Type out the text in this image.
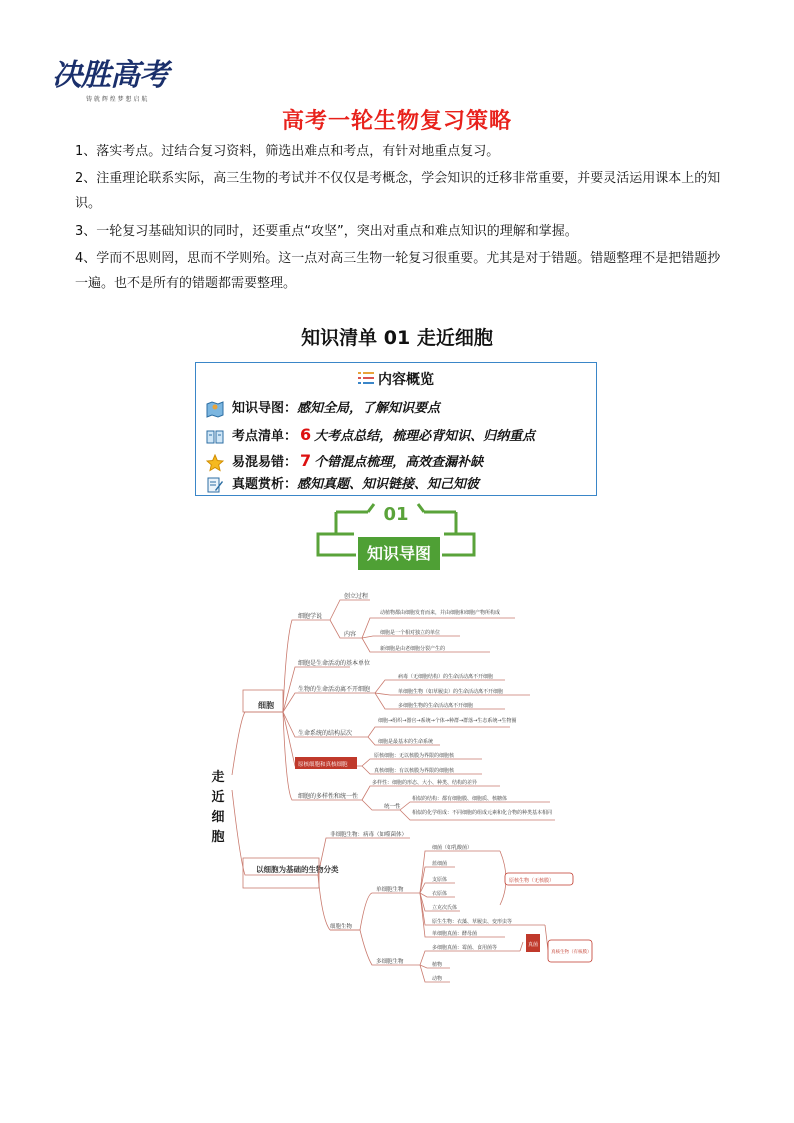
决胜高考
铸 就 辉 煌 梦 想 启 航
高考一轮生物复习策略
1、落实考点。过结合复习资料，筛选出难点和考点，有针对地重点复习。
2、注重理论联系实际，高三生物的考试并不仅仅是考概念，学会知识的迁移非常重要，并要灵活运用课本上的知识。
3、一轮复习基础知识的同时，还要重点“攻坚”，突出对重点和难点知识的理解和掌握。
4、学而不思则罔，思而不学则殆。这一点对高三生物一轮复习很重要。尤其是对于错题。错题整理不是把错题抄一遍。也不是所有的错题都需要整理。
知识清单 01 走近细胞
内容概览
知识导图：感知全局，了解知识要点
考点清单： 6 大考点总结，梳理必背知识、归纳重点
易混易错： 7 个错混点梳理，高效查漏补缺
真题赏析：感知真题、知识链接、知己知彼
01
知识导图
走
近
细
胞
细胞
细胞学说
创立过程
内容
动植物都由细胞发育而来，并由细胞和细胞产物所构成
细胞是一个相对独立的单位
新细胞是由老细胞分裂产生的
细胞是生命活动的基本单位
生物的生命活动离不开细胞
病毒（无细胞结构）的生命活动离不开细胞
单细胞生物（如草履虫）的生命活动离不开细胞
多细胞生物的生命活动离不开细胞
生命系统的结构层次
细胞→组织→器官→系统→个体→种群→群落→生态系统→生物圈
细胞是最基本的生命系统
原核细胞和真核细胞
原核细胞：无以核膜为界限的细胞核
真核细胞：有以核膜为界限的细胞核
细胞的多样性和统一性
多样性：细胞的形态、大小、种类、结构的差异
统一性
相似的结构：都有细胞膜、细胞质、核糖体
相似的化学组成：不同细胞的组成元素和化合物的种类基本相同
以细胞为基础的生物分类
非细胞生物：病毒（如噬菌体）
细胞生物
单细胞生物
细菌（如乳酸菌）
蓝细菌
支原体
衣原体
立克次氏体
原生生物：衣藻、草履虫、变形虫等
单细胞真菌：酵母菌
多细胞生物
多细胞真菌：霉菌、食用菌等
植物
动物
原核生物（无核膜）
真菌
真核生物（有核膜）
